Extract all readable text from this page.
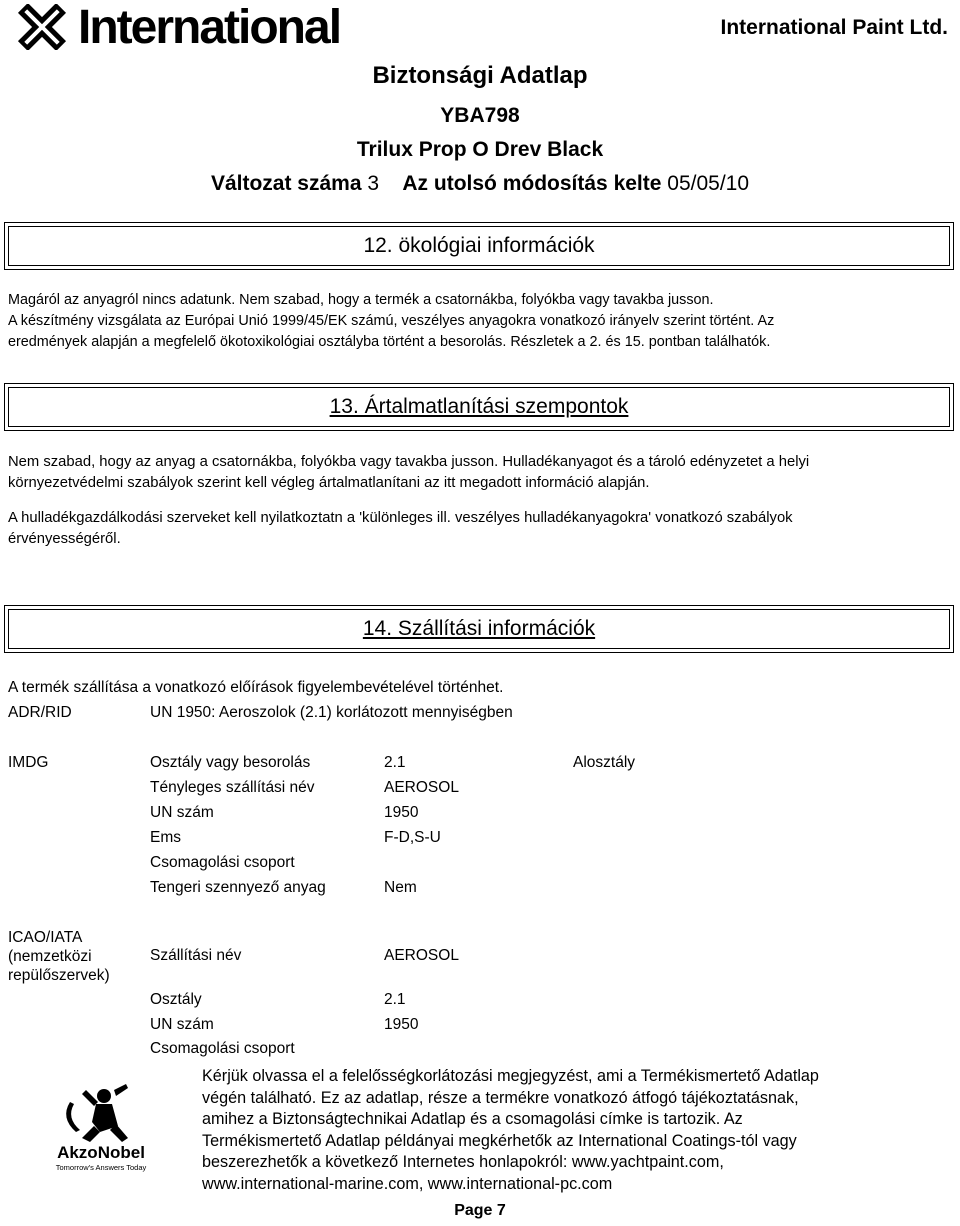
International	International Paint Ltd.
Biztonsági Adatlap
YBA798
Trilux Prop O Drev Black
Változat száma 3 Az utolsó módosítás kelte 05/05/10
12. ökológiai információk
Magáról az anyagról nincs adatunk. Nem szabad, hogy a termék a csatornákba, folyókba vagy tavakba jusson.
A készítmény vizsgálata az Európai Unió 1999/45/EK számú, veszélyes anyagokra vonatkozó irányelv szerint történt. Az
eredmények alapján a megfelelő ökotoxikológiai osztályba történt a besorolás. Részletek a 2. és 15. pontban találhatók.
13. Ártalmatlanítási szempontok
Nem szabad, hogy az anyag a csatornákba, folyókba vagy tavakba jusson. Hulladékanyagot és a tároló edényzetet a helyi
környezetvédelmi szabályok szerint kell végleg ártalmatlanítani az itt megadott információ alapján.
A hulladékgazdálkodási szerveket kell nyilatkoztatn a 'különleges ill. veszélyes hulladékanyagokra' vonatkozó szabályok
érvényességéről.
14. Szállítási információk
A termék szállítása a vonatkozó előírások figyelembevételével történhet.
ADR/RID	UN 1950: Aeroszolok (2.1) korlátozott mennyiségben
IMDG	Osztály vagy besorolás	2.1	Alosztály
Tényleges szállítási név	AEROSOL
UN szám	1950
Ems	F-D,S-U
Csomagolási csoport
Tengeri szennyező anyag	Nem
ICAO/IATA
(nemzetközi
repülőszervek)
Szállítási név	AEROSOL
Osztály	2.1
UN szám	1950
Csomagolási csoport
AkzoNobel
Tomorrow's Answers Today
Kérjük olvassa el a felelősségkorlátozási megjegyzést, ami a Termékismertető Adatlap
végén található. Ez az adatlap, része a termékre vonatkozó átfogó tájékoztatásnak,
amihez a Biztonságtechnikai Adatlap és a csomagolási címke is tartozik. Az
Termékismertető Adatlap példányai megkérhetők az International Coatings-tól vagy
beszerezhetők a következő Internetes honlapokról: www.yachtpaint.com,
www.international-marine.com, www.international-pc.com
Page 7
